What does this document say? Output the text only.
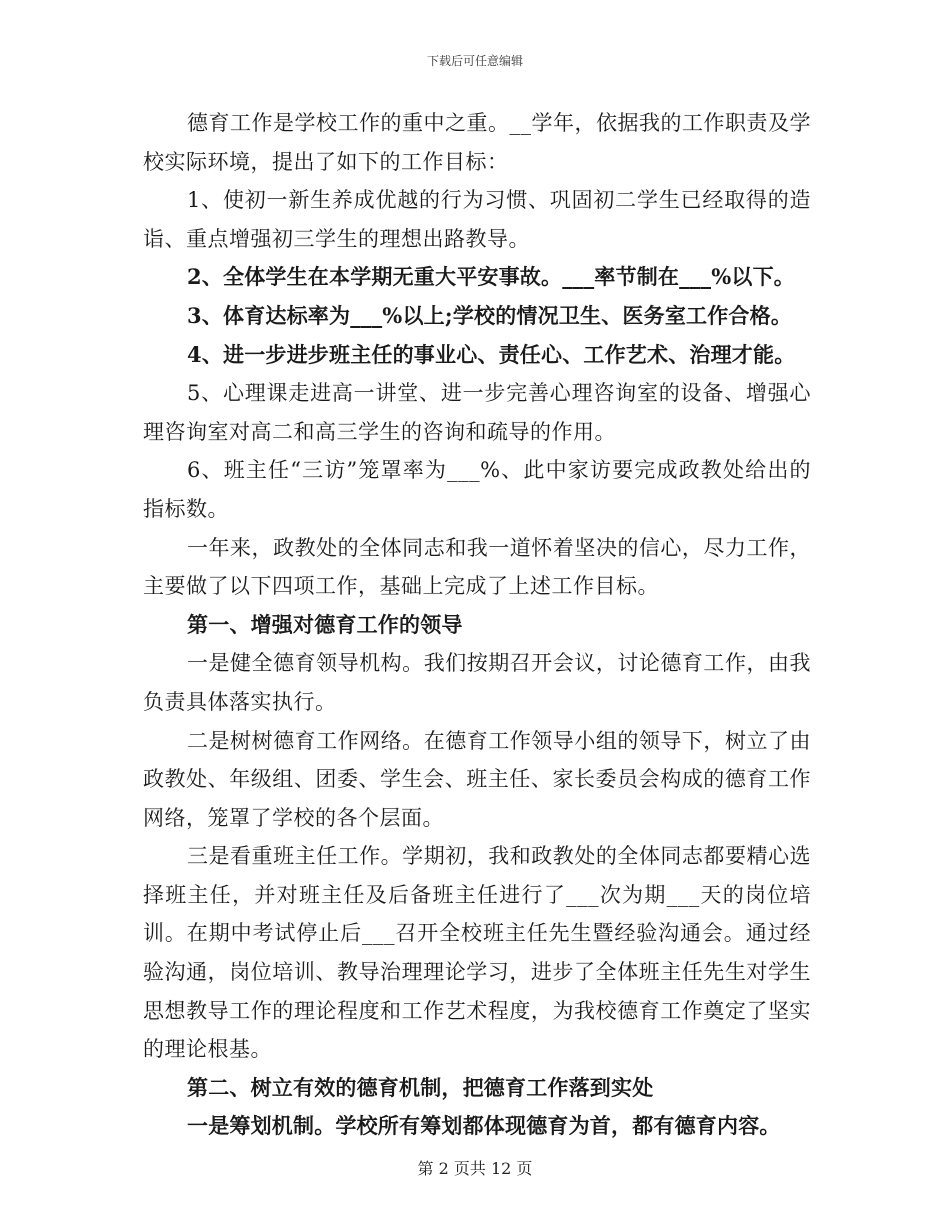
下载后可任意编辑

德育工作是学校工作的重中之重。__学年，依据我的工作职责及学校实际环境，提出了如下的工作目标：

1、使初一新生养成优越的行为习惯、巩固初二学生已经取得的造诣、重点增强初三学生的理想出路教导。

2、全体学生在本学期无重大平安事故。___率节制在___%以下。

3、体育达标率为___%以上;学校的情况卫生、医务室工作合格。

4、进一步进步班主任的事业心、责任心、工作艺术、治理才能。

5、心理课走进高一讲堂、进一步完善心理咨询室的设备、增强心理咨询室对高二和高三学生的咨询和疏导的作用。

6、班主任“三访”笼罩率为___%、此中家访要完成政教处给出的指标数。

一年来，政教处的全体同志和我一道怀着坚决的信心，尽力工作，主要做了以下四项工作，基础上完成了上述工作目标。

第一、增强对德育工作的领导

一是健全德育领导机构。我们按期召开会议，讨论德育工作，由我负责具体落实执行。

二是树树德育工作网络。在德育工作领导小组的领导下，树立了由政教处、年级组、团委、学生会、班主任、家长委员会构成的德育工作网络，笼罩了学校的各个层面。

三是看重班主任工作。学期初，我和政教处的全体同志都要精心选择班主任，并对班主任及后备班主任进行了___次为期___天的岗位培训。在期中考试停止后___召开全校班主任先生暨经验沟通会。通过经验沟通，岗位培训、教导治理理论学习，进步了全体班主任先生对学生思想教导工作的理论程度和工作艺术程度，为我校德育工作奠定了坚实的理论根基。

第二、树立有效的德育机制，把德育工作落到实处

一是筹划机制。学校所有筹划都体现德育为首，都有德育内容。

第 2 页共 12 页
